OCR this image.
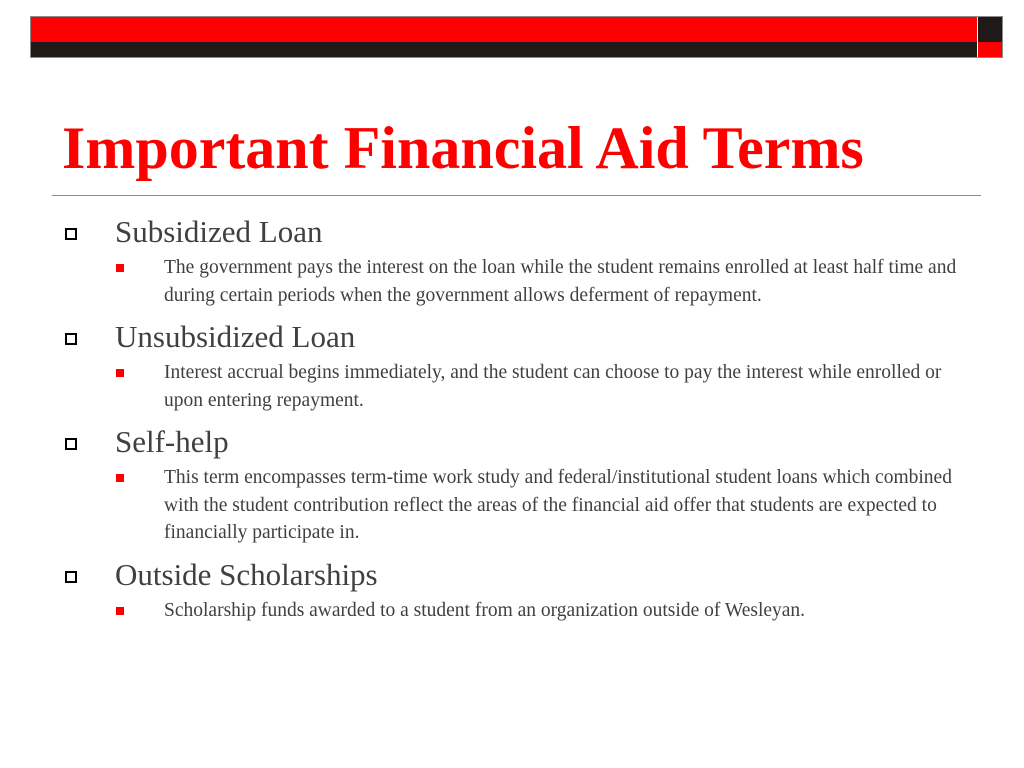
Important Financial Aid Terms
Subsidized Loan
The government pays the interest on the loan while the student remains enrolled at least half time and during certain periods when the government allows deferment of repayment.
Unsubsidized Loan
Interest accrual begins immediately, and the student can choose to pay the interest while enrolled or upon entering repayment.
Self-help
This term encompasses term-time work study and federal/institutional student loans which combined with the student contribution reflect the areas of the financial aid offer that students are expected to financially participate in.
Outside Scholarships
Scholarship funds awarded to a student from an organization outside of Wesleyan.
